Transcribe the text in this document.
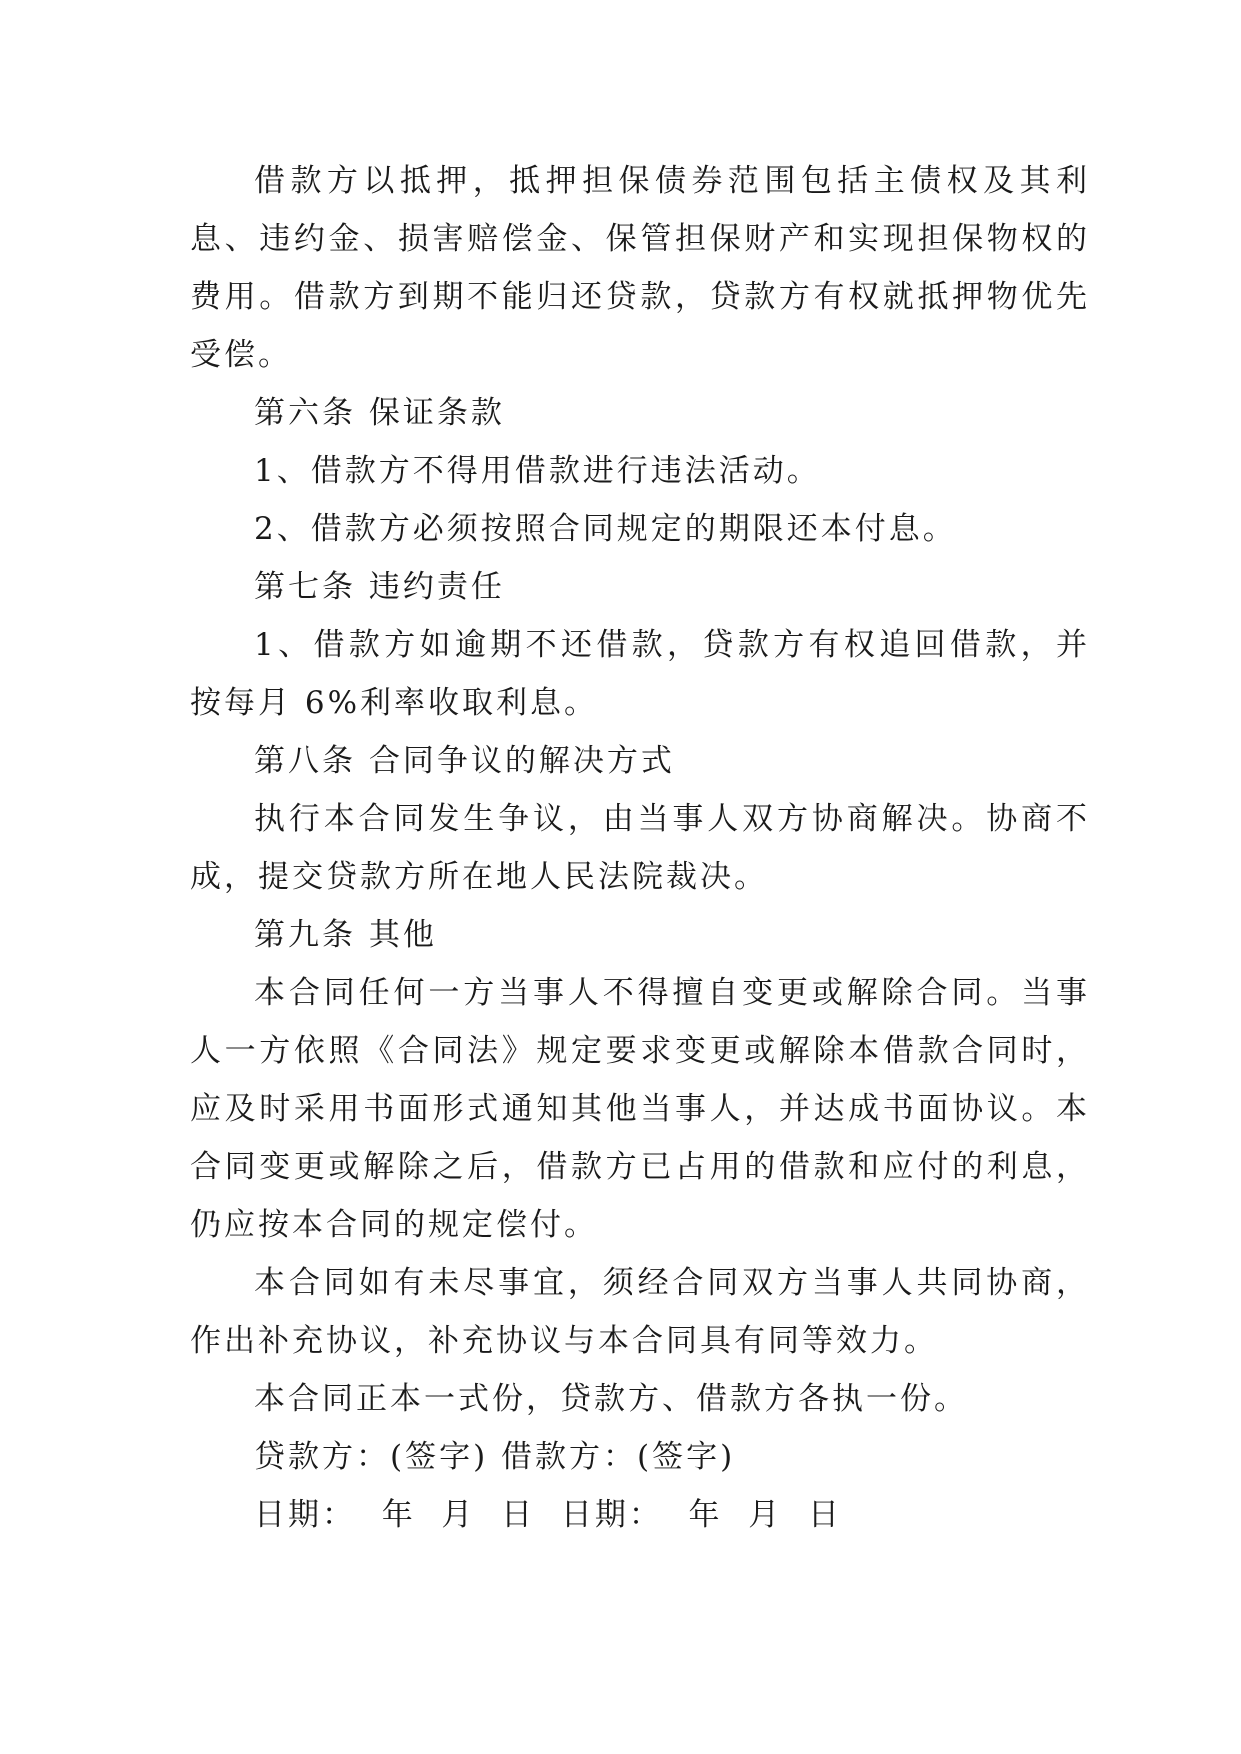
借款方以抵押，抵押担保债券范围包括主债权及其利息、违约金、损害赔偿金、保管担保财产和实现担保物权的费用。借款方到期不能归还贷款，贷款方有权就抵押物优先受偿。

第六条 保证条款

1、借款方不得用借款进行违法活动。

2、借款方必须按照合同规定的期限还本付息。

第七条 违约责任

1、借款方如逾期不还借款，贷款方有权追回借款，并按每月 6%利率收取利息。

第八条 合同争议的解决方式

执行本合同发生争议，由当事人双方协商解决。协商不成，提交贷款方所在地人民法院裁决。

第九条 其他

本合同任何一方当事人不得擅自变更或解除合同。当事人一方依照《合同法》规定要求变更或解除本借款合同时，应及时采用书面形式通知其他当事人，并达成书面协议。本合同变更或解除之后，借款方已占用的借款和应付的利息，仍应按本合同的规定偿付。

本合同如有未尽事宜，须经合同双方当事人共同协商，作出补充协议，补充协议与本合同具有同等效力。

本合同正本一式份，贷款方、借款方各执一份。

贷款方：(签字) 借款方：(签字)

日期：  年  月  日  日期：  年  月  日
